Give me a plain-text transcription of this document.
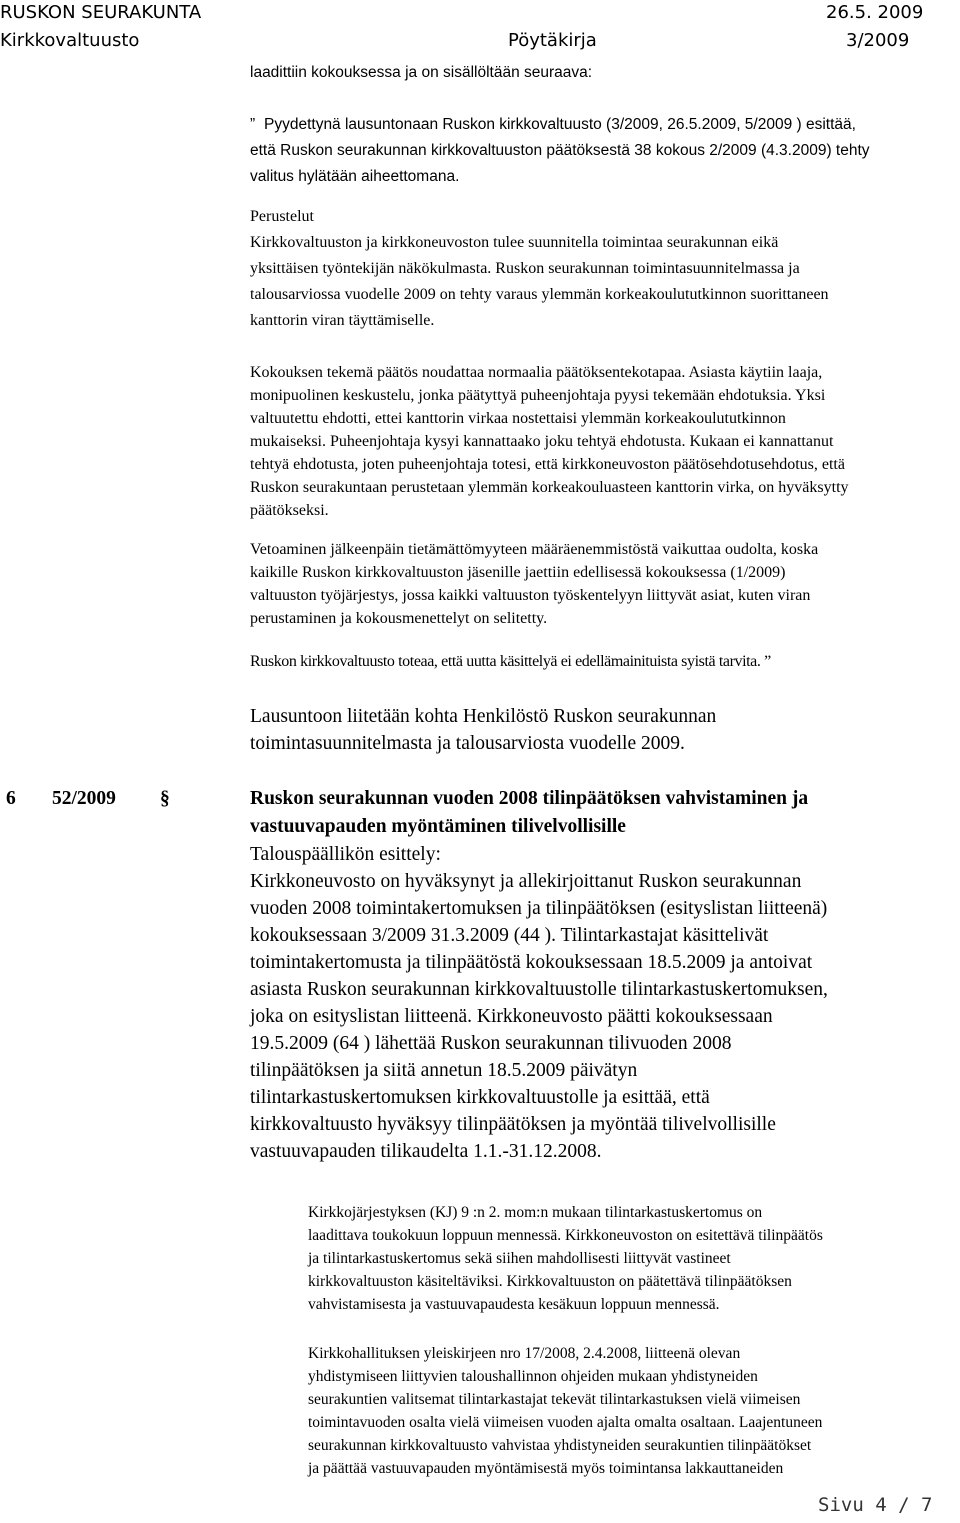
RUSKON SEURAKUNTA	26.5. 2009
Kirkkovaltuusto	Pöytäkirja	3/2009
laadittiin kokouksessa ja on sisällöltään seuraava:
” Pyydettynä lausuntonaan Ruskon kirkkovaltuusto (3/2009, 26.5.2009, 5/2009 ) esittää,
että Ruskon seurakunnan kirkkovaltuuston päätöksestä 38 kokous 2/2009 (4.3.2009) tehty
valitus hylätään aiheettomana.
Perustelut
Kirkkovaltuuston ja kirkkoneuvoston tulee suunnitella toimintaa seurakunnan eikä
yksittäisen työntekijän näkökulmasta. Ruskon seurakunnan toimintasuunnitelmassa ja
talousarviossa vuodelle 2009 on tehty varaus ylemmän korkeakoulututkinnon suorittaneen
kanttorin viran täyttämiselle.
Kokouksen tekemä päätös noudattaa normaalia päätöksentekotapaa. Asiasta käytiin laaja,
monipuolinen keskustelu, jonka päätyttyä puheenjohtaja pyysi tekemään ehdotuksia. Yksi
valtuutettu ehdotti, ettei kanttorin virkaa nostettaisi ylemmän korkeakoulututkinnon
mukaiseksi. Puheenjohtaja kysyi kannattaako joku tehtyä ehdotusta. Kukaan ei kannattanut
tehtyä ehdotusta, joten puheenjohtaja totesi, että kirkkoneuvoston päätösehdotusehdotus, että
Ruskon seurakuntaan perustetaan ylemmän korkeakouluasteen kanttorin virka, on hyväksytty
päätökseksi.
Vetoaminen jälkeenpäin tietämättömyyteen määräenemmistöstä vaikuttaa oudolta, koska
kaikille Ruskon kirkkovaltuuston jäsenille jaettiin edellisessä kokouksessa (1/2009)
valtuuston työjärjestys, jossa kaikki valtuuston työskentelyyn liittyvät asiat, kuten viran
perustaminen ja kokousmenettelyt on selitetty.
Ruskon kirkkovaltuusto toteaa, että uutta käsittelyä ei edellämainituista syistä tarvita. ”
Lausuntoon liitetään kohta Henkilöstö Ruskon seurakunnan
toimintasuunnitelmasta ja talousarviosta vuodelle 2009.
6 52/2009 §	Ruskon seurakunnan vuoden 2008 tilinpäätöksen vahvistaminen ja
vastuuvapauden myöntäminen tilivelvollisille
Talouspäällikön esittely:
Kirkkoneuvosto on hyväksynyt ja allekirjoittanut Ruskon seurakunnan
vuoden 2008 toimintakertomuksen ja tilinpäätöksen (esityslistan liitteenä)
kokouksessaan 3/2009 31.3.2009 (44 ). Tilintarkastajat käsittelivät
toimintakertomusta ja tilinpäätöstä kokouksessaan 18.5.2009 ja antoivat
asiasta Ruskon seurakunnan kirkkovaltuustolle tilintarkastuskertomuksen,
joka on esityslistan liitteenä. Kirkkoneuvosto päätti kokouksessaan
19.5.2009 (64 ) lähettää Ruskon seurakunnan tilivuoden 2008
tilinpäätöksen ja siitä annetun 18.5.2009 päivätyn
tilintarkastuskertomuksen kirkkovaltuustolle ja esittää, että
kirkkovaltuusto hyväksyy tilinpäätöksen ja myöntää tilivelvollisille
vastuuvapauden tilikaudelta 1.1.-31.12.2008.
Kirkkojärjestyksen (KJ) 9 :n 2. mom:n mukaan tilintarkastuskertomus on
laadittava toukokuun loppuun mennessä. Kirkkoneuvoston on esitettävä tilinpäätös
ja tilintarkastuskertomus sekä siihen mahdollisesti liittyvät vastineet
kirkkovaltuuston käsiteltäviksi. Kirkkovaltuuston on päätettävä tilinpäätöksen
vahvistamisesta ja vastuuvapaudesta kesäkuun loppuun mennessä.
Kirkkohallituksen yleiskirjeen nro 17/2008, 2.4.2008, liitteenä olevan
yhdistymiseen liittyvien taloushallinnon ohjeiden mukaan yhdistyneiden
seurakuntien valitsemat tilintarkastajat tekevät tilintarkastuksen vielä viimeisen
toimintavuoden osalta vielä viimeisen vuoden ajalta omalta osaltaan. Laajentuneen
seurakunnan kirkkovaltuusto vahvistaa yhdistyneiden seurakuntien tilinpäätökset
ja päättää vastuuvapauden myöntämisestä myös toimintansa lakkauttaneiden
Sivu 4 / 7
